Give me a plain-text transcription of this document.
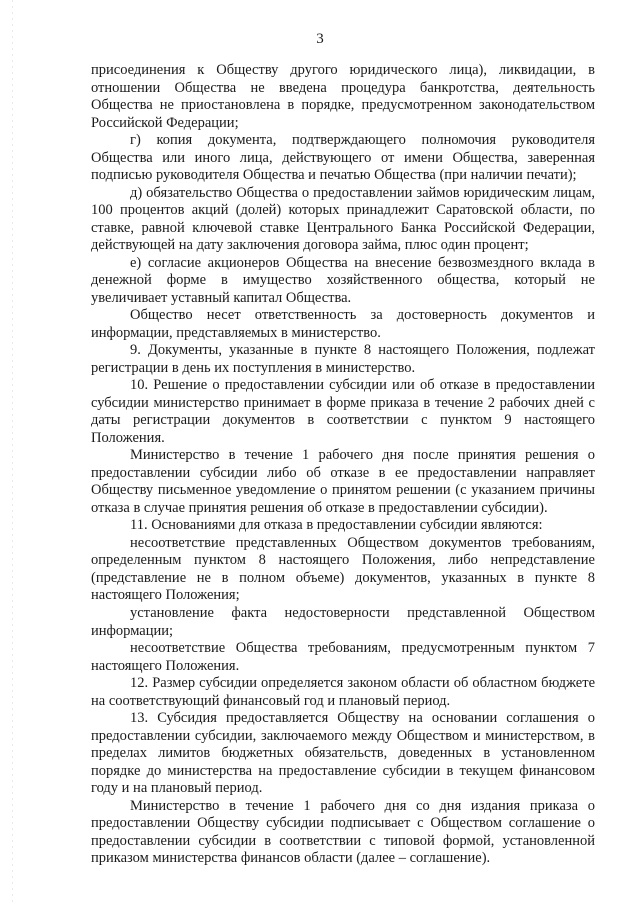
3

присоединения к Обществу другого юридического лица), ликвидации, в отношении Общества не введена процедура банкротства, деятельность Общества не приостановлена в порядке, предусмотренном законодательством Российской Федерации;

г) копия документа, подтверждающего полномочия руководителя Общества или иного лица, действующего от имени Общества, заверенная подписью руководителя Общества и печатью Общества (при наличии печати);

д) обязательство Общества о предоставлении займов юридическим лицам, 100 процентов акций (долей) которых принадлежит Саратовской области, по ставке, равной ключевой ставке Центрального Банка Российской Федерации, действующей на дату заключения договора займа, плюс один процент;

е) согласие акционеров Общества на внесение безвозмездного вклада в денежной форме в имущество хозяйственного общества, который не увеличивает уставный капитал Общества.

Общество несет ответственность за достоверность документов и информации, представляемых в министерство.

9. Документы, указанные в пункте 8 настоящего Положения, подлежат регистрации в день их поступления в министерство.

10. Решение о предоставлении субсидии или об отказе в предоставлении субсидии министерство принимает в форме приказа в течение 2 рабочих дней с даты регистрации документов в соответствии с пунктом 9 настоящего Положения.

Министерство в течение 1 рабочего дня после принятия решения о предоставлении субсидии либо об отказе в ее предоставлении направляет Обществу письменное уведомление о принятом решении (с указанием причины отказа в случае принятия решения об отказе в предоставлении субсидии).

11. Основаниями для отказа в предоставлении субсидии являются:

несоответствие представленных Обществом документов требованиям, определенным пунктом 8 настоящего Положения, либо непредставление (представление не в полном объеме) документов, указанных в пункте 8 настоящего Положения;

установление факта недостоверности представленной Обществом информации;

несоответствие Общества требованиям, предусмотренным пунктом 7 настоящего Положения.

12. Размер субсидии определяется законом области об областном бюджете на соответствующий финансовый год и плановый период.

13. Субсидия предоставляется Обществу на основании соглашения о предоставлении субсидии, заключаемого между Обществом и министерством, в пределах лимитов бюджетных обязательств, доведенных в установленном порядке до министерства на предоставление субсидии в текущем финансовом году и на плановый период.

Министерство в течение 1 рабочего дня со дня издания приказа о предоставлении Обществу субсидии подписывает с Обществом соглашение о предоставлении субсидии в соответствии с типовой формой, установленной приказом министерства финансов области (далее – соглашение).
